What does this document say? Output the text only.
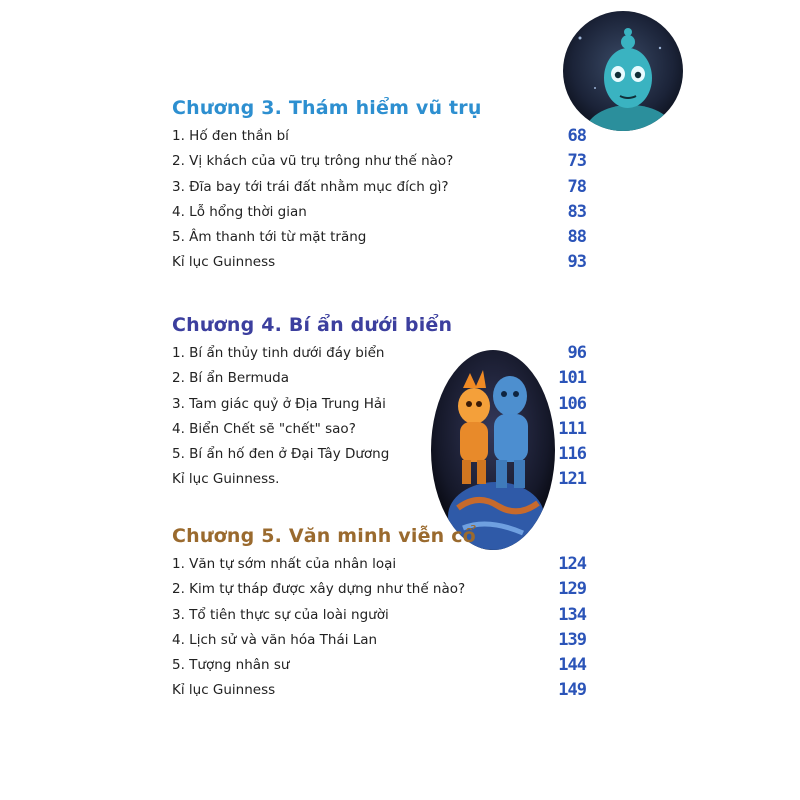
Chương 3. Thám hiểm vũ trụ
1. Hố đen thần bí	68
2. Vị khách của vũ trụ trông như thế nào?	73
3. Đĩa bay tới trái đất nhằm mục đích gì?	78
4. Lỗ hổng thời gian	83
5. Âm thanh tới từ mặt trăng	88
Kỉ lục Guinness	93
Chương 4. Bí ẩn dưới biển
1. Bí ẩn thủy tinh dưới đáy biển	96
2. Bí ẩn Bermuda	101
3. Tam giác quỷ ở Địa Trung Hải	106
4. Biển Chết sẽ "chết" sao?	111
5. Bí ẩn hố đen ở Đại Tây Dương	116
Kỉ lục Guinness.	121
Chương 5. Văn minh viễn cổ
1. Văn tự sớm nhất của nhân loại	124
2. Kim tự tháp được xây dựng như thế nào?	129
3. Tổ tiên thực sự của loài người	134
4. Lịch sử và văn hóa Thái Lan	139
5. Tượng nhân sư	144
Kỉ lục Guinness	149
